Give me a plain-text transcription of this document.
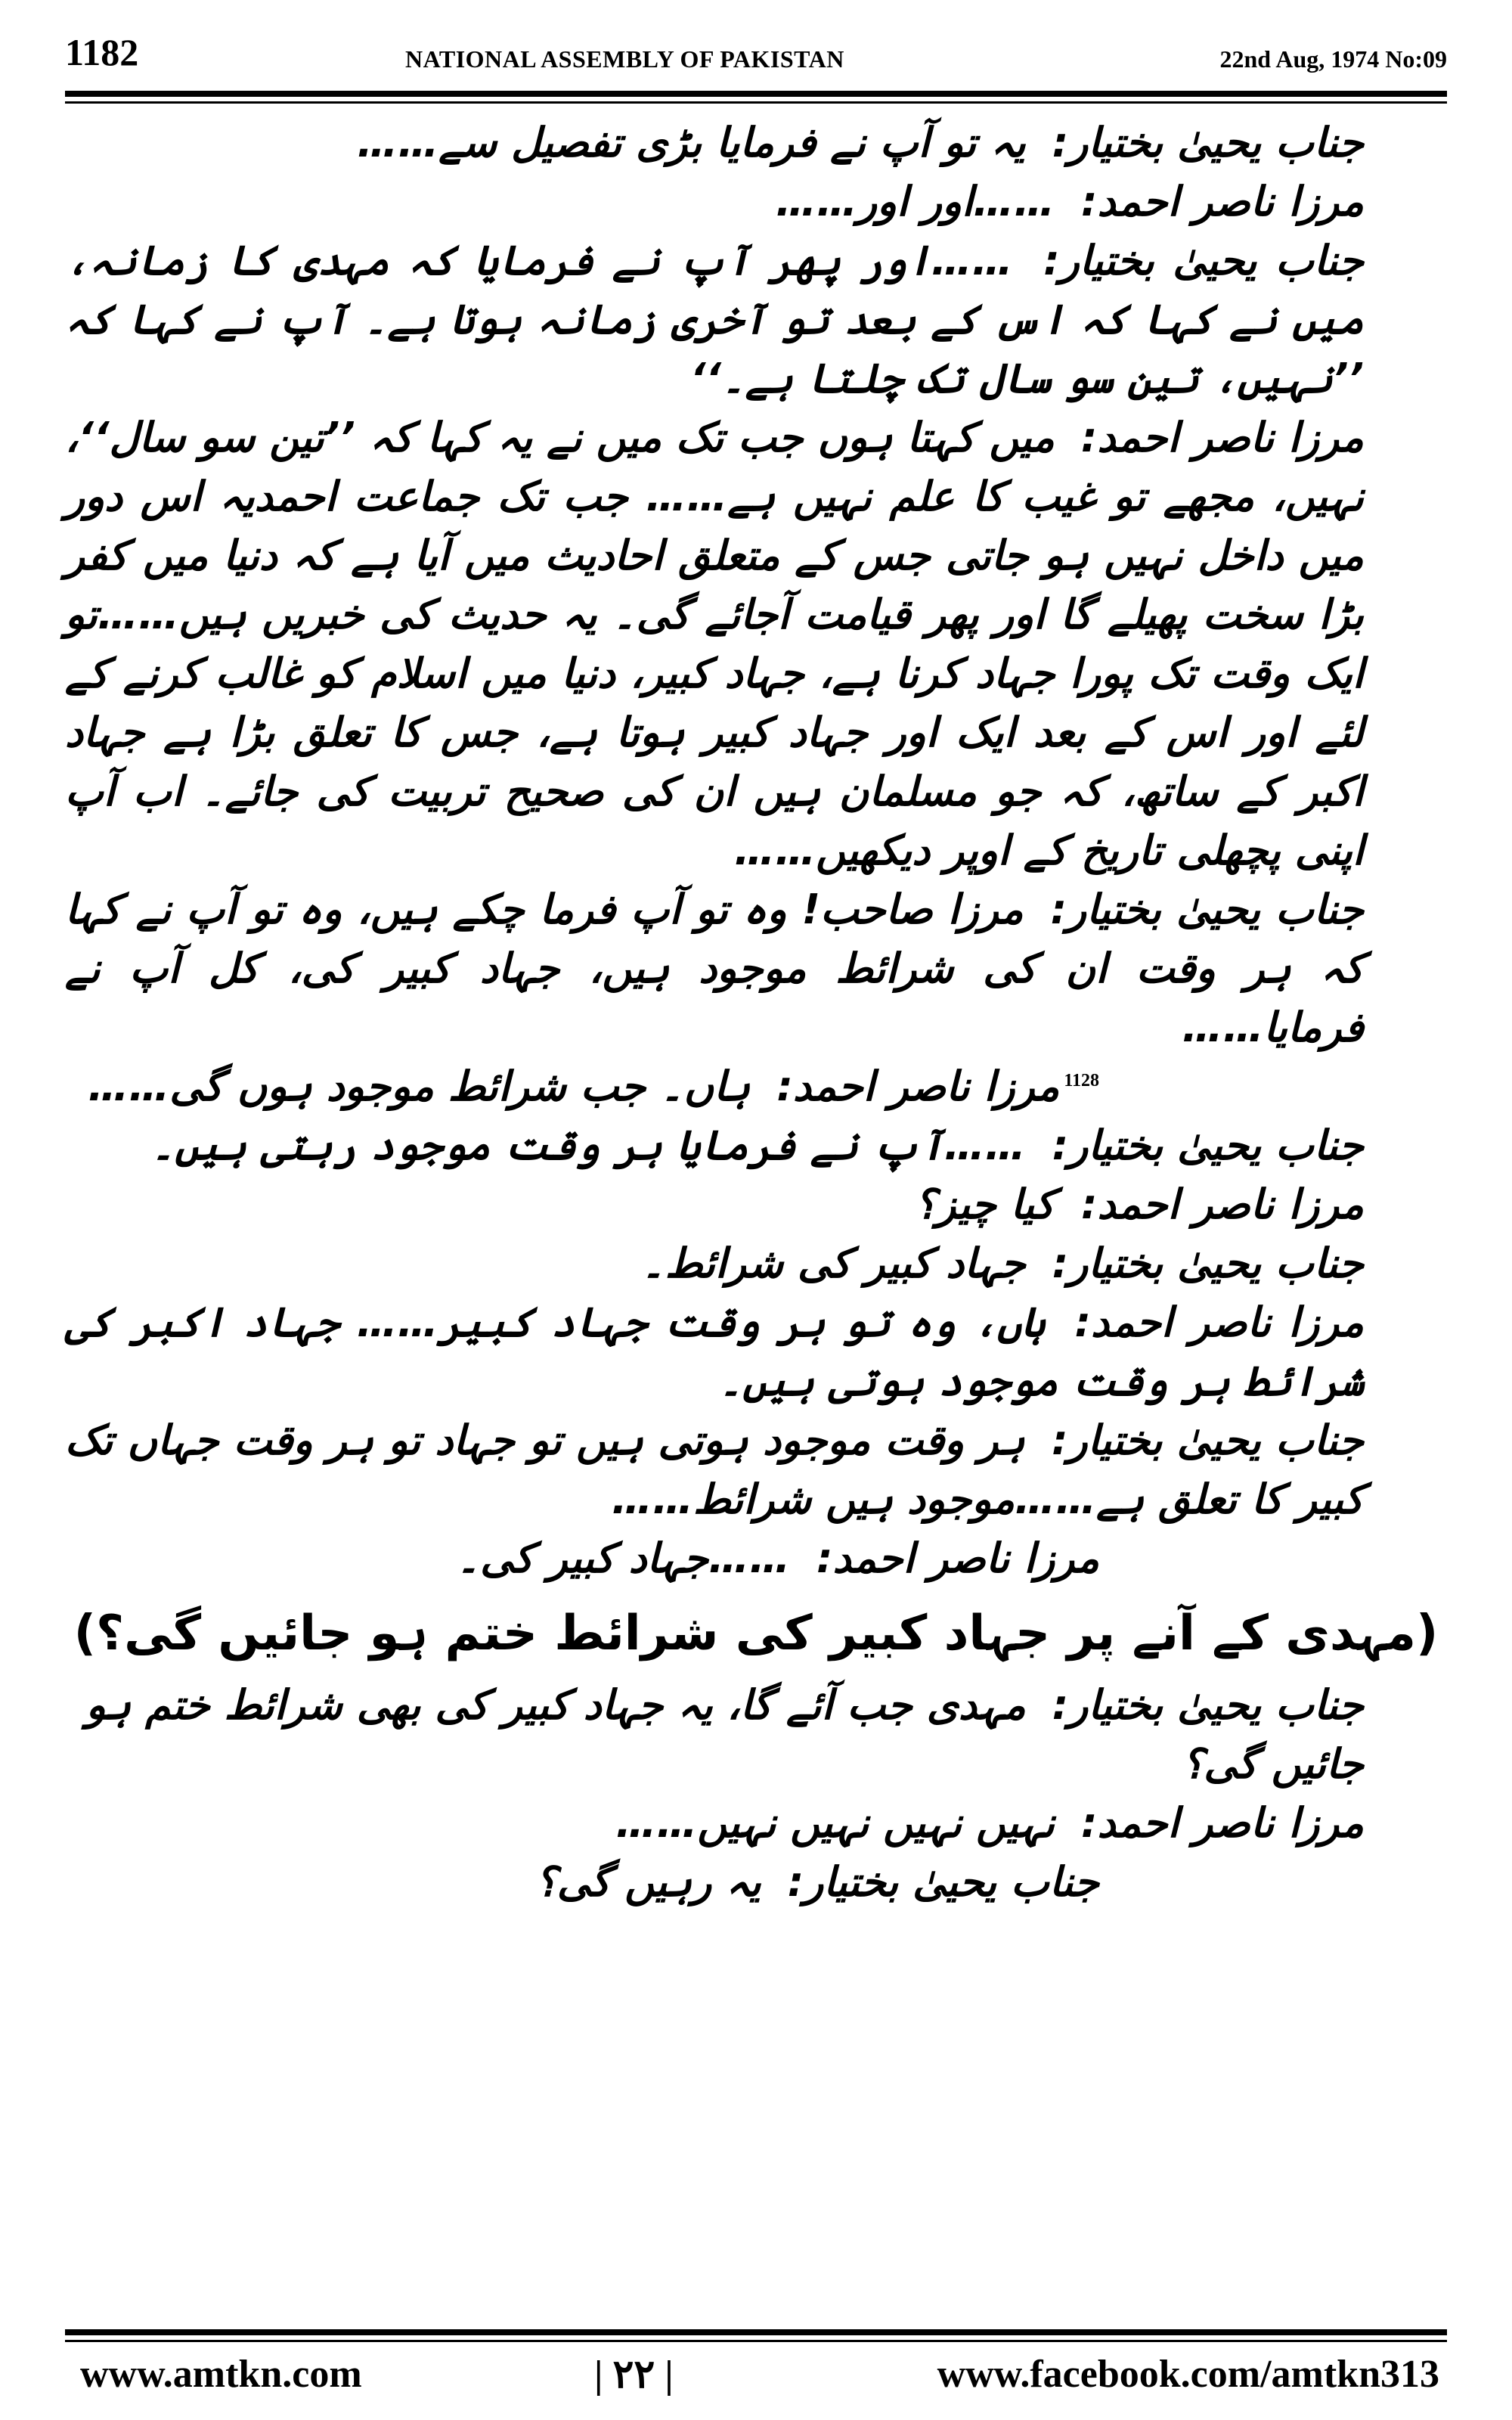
1182	NATIONAL ASSEMBLY OF PAKISTAN	22nd Aug, 1974 No:09

جناب یحییٰ بختیار: یہ تو آپ نے فرمایا بڑی تفصیل سے……

مرزا ناصر احمد: ……اور اور……

جناب یحییٰ بختیار: ……اور پھر آپ نے فرمایا کہ مہدی کا زمانہ، میں نے کہا کہ اس کے بعد تو آخری زمانہ ہوتا ہے۔ آپ نے کہا کہ ’’نہیں، تین سو سال تک چلتا ہے۔‘‘

مرزا ناصر احمد: میں کہتا ہوں جب تک میں نے یہ کہا کہ ’’تین سو سال‘‘، نہیں، مجھے تو غیب کا علم نہیں ہے…… جب تک جماعت احمدیہ اس دور میں داخل نہیں ہو جاتی جس کے متعلق احادیث میں آیا ہے کہ دنیا میں کفر بڑا سخت پھیلے گا اور پھر قیامت آجائے گی۔ یہ حدیث کی خبریں ہیں……تو ایک وقت تک پورا جہاد کرنا ہے، جہاد کبیر، دنیا میں اسلام کو غالب کرنے کے لئے اور اس کے بعد ایک اور جہاد کبیر ہوتا ہے، جس کا تعلق بڑا ہے جہاد اکبر کے ساتھ، کہ جو مسلمان ہیں ان کی صحیح تربیت کی جائے۔ اب آپ اپنی پچھلی تاریخ کے اوپر دیکھیں……

جناب یحییٰ بختیار: مرزا صاحب! وہ تو آپ فرما چکے ہیں، وہ تو آپ نے کہا کہ ہر وقت ان کی شرائط موجود ہیں، جہاد کبیر کی، کل آپ نے فرمایا……

$^{1128}$مرزا ناصر احمد: ہاں۔ جب شرائط موجود ہوں گی……

جناب یحییٰ بختیار: ……آپ نے فرمایا ہر وقت موجود رہتی ہیں۔

مرزا ناصر احمد: کیا چیز؟

جناب یحییٰ بختیار: جہاد کبیر کی شرائط۔

مرزا ناصر احمد: ہاں، وہ تو ہر وقت جہاد کبیر…… جہاد اکبر کی شرائط ہر وقت موجود ہوتی ہیں۔

جناب یحییٰ بختیار: ہر وقت موجود ہوتی ہیں تو جہاد تو ہر وقت جہاں تک کبیر کا تعلق ہے……موجود ہیں شرائط……

مرزا ناصر احمد: ……جہاد کبیر کی۔

(مہدی کے آنے پر جہاد کبیر کی شرائط ختم ہو جائیں گی؟)

جناب یحییٰ بختیار: مہدی جب آئے گا، یہ جہاد کبیر کی بھی شرائط ختم ہو جائیں گی؟

مرزا ناصر احمد: نہیں نہیں نہیں نہیں……

جناب یحییٰ بختیار: یہ رہیں گی؟

www.amtkn.com	| ۲۲ |	www.facebook.com/amtkn313
